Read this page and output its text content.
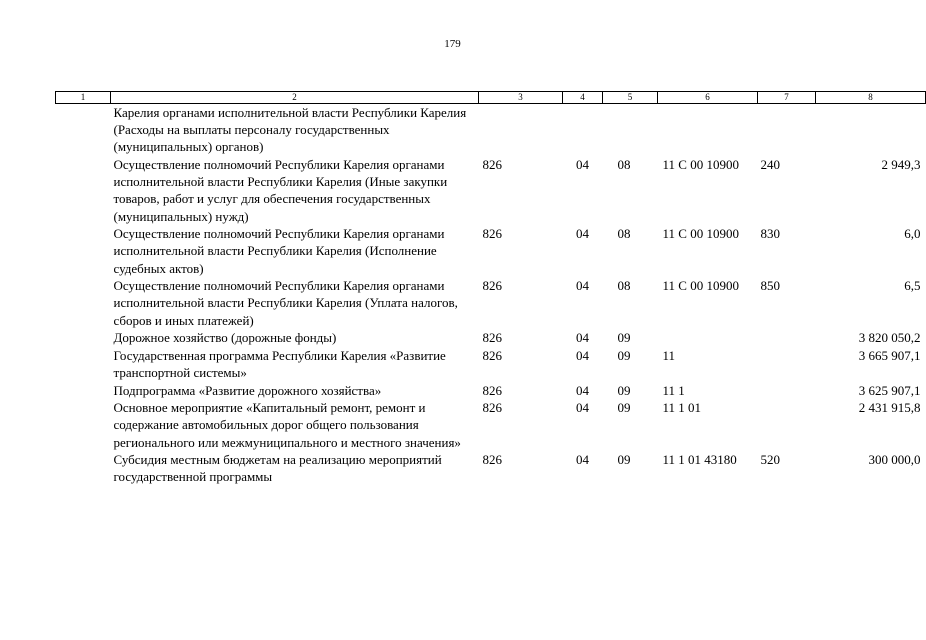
179
1	2	3	4	5	6	7	8
	Карелия органами исполнительной власти Республики Карелия (Расходы на выплаты персоналу государственных (муниципальных) органов)						
	Осуществление полномочий Республики Карелия органами исполнительной власти Республики Карелия (Иные закупки товаров, работ и услуг для обеспечения государственных (муниципальных) нужд)	826	04	08	11 С 00 10900	240	2 949,3
	Осуществление полномочий Республики Карелия органами исполнительной власти Республики Карелия (Исполнение судебных актов)	826	04	08	11 С 00 10900	830	6,0
	Осуществление полномочий Республики Карелия органами исполнительной власти Республики Карелия (Уплата налогов, сборов и иных платежей)	826	04	08	11 С 00 10900	850	6,5
	Дорожное хозяйство (дорожные фонды)	826	04	09			3 820 050,2
	Государственная программа Республики Карелия «Развитие транспортной системы»	826	04	09	11		3 665 907,1
	Подпрограмма «Развитие дорожного хозяйства»	826	04	09	11 1		3 625 907,1
	Основное мероприятие «Капитальный ремонт, ремонт и содержание автомобильных дорог общего пользования регионального или межмуниципального и местного значения»	826	04	09	11 1 01		2 431 915,8
	Субсидия местным бюджетам на реализацию мероприятий государственной программы	826	04	09	11 1 01 43180	520	300 000,0
